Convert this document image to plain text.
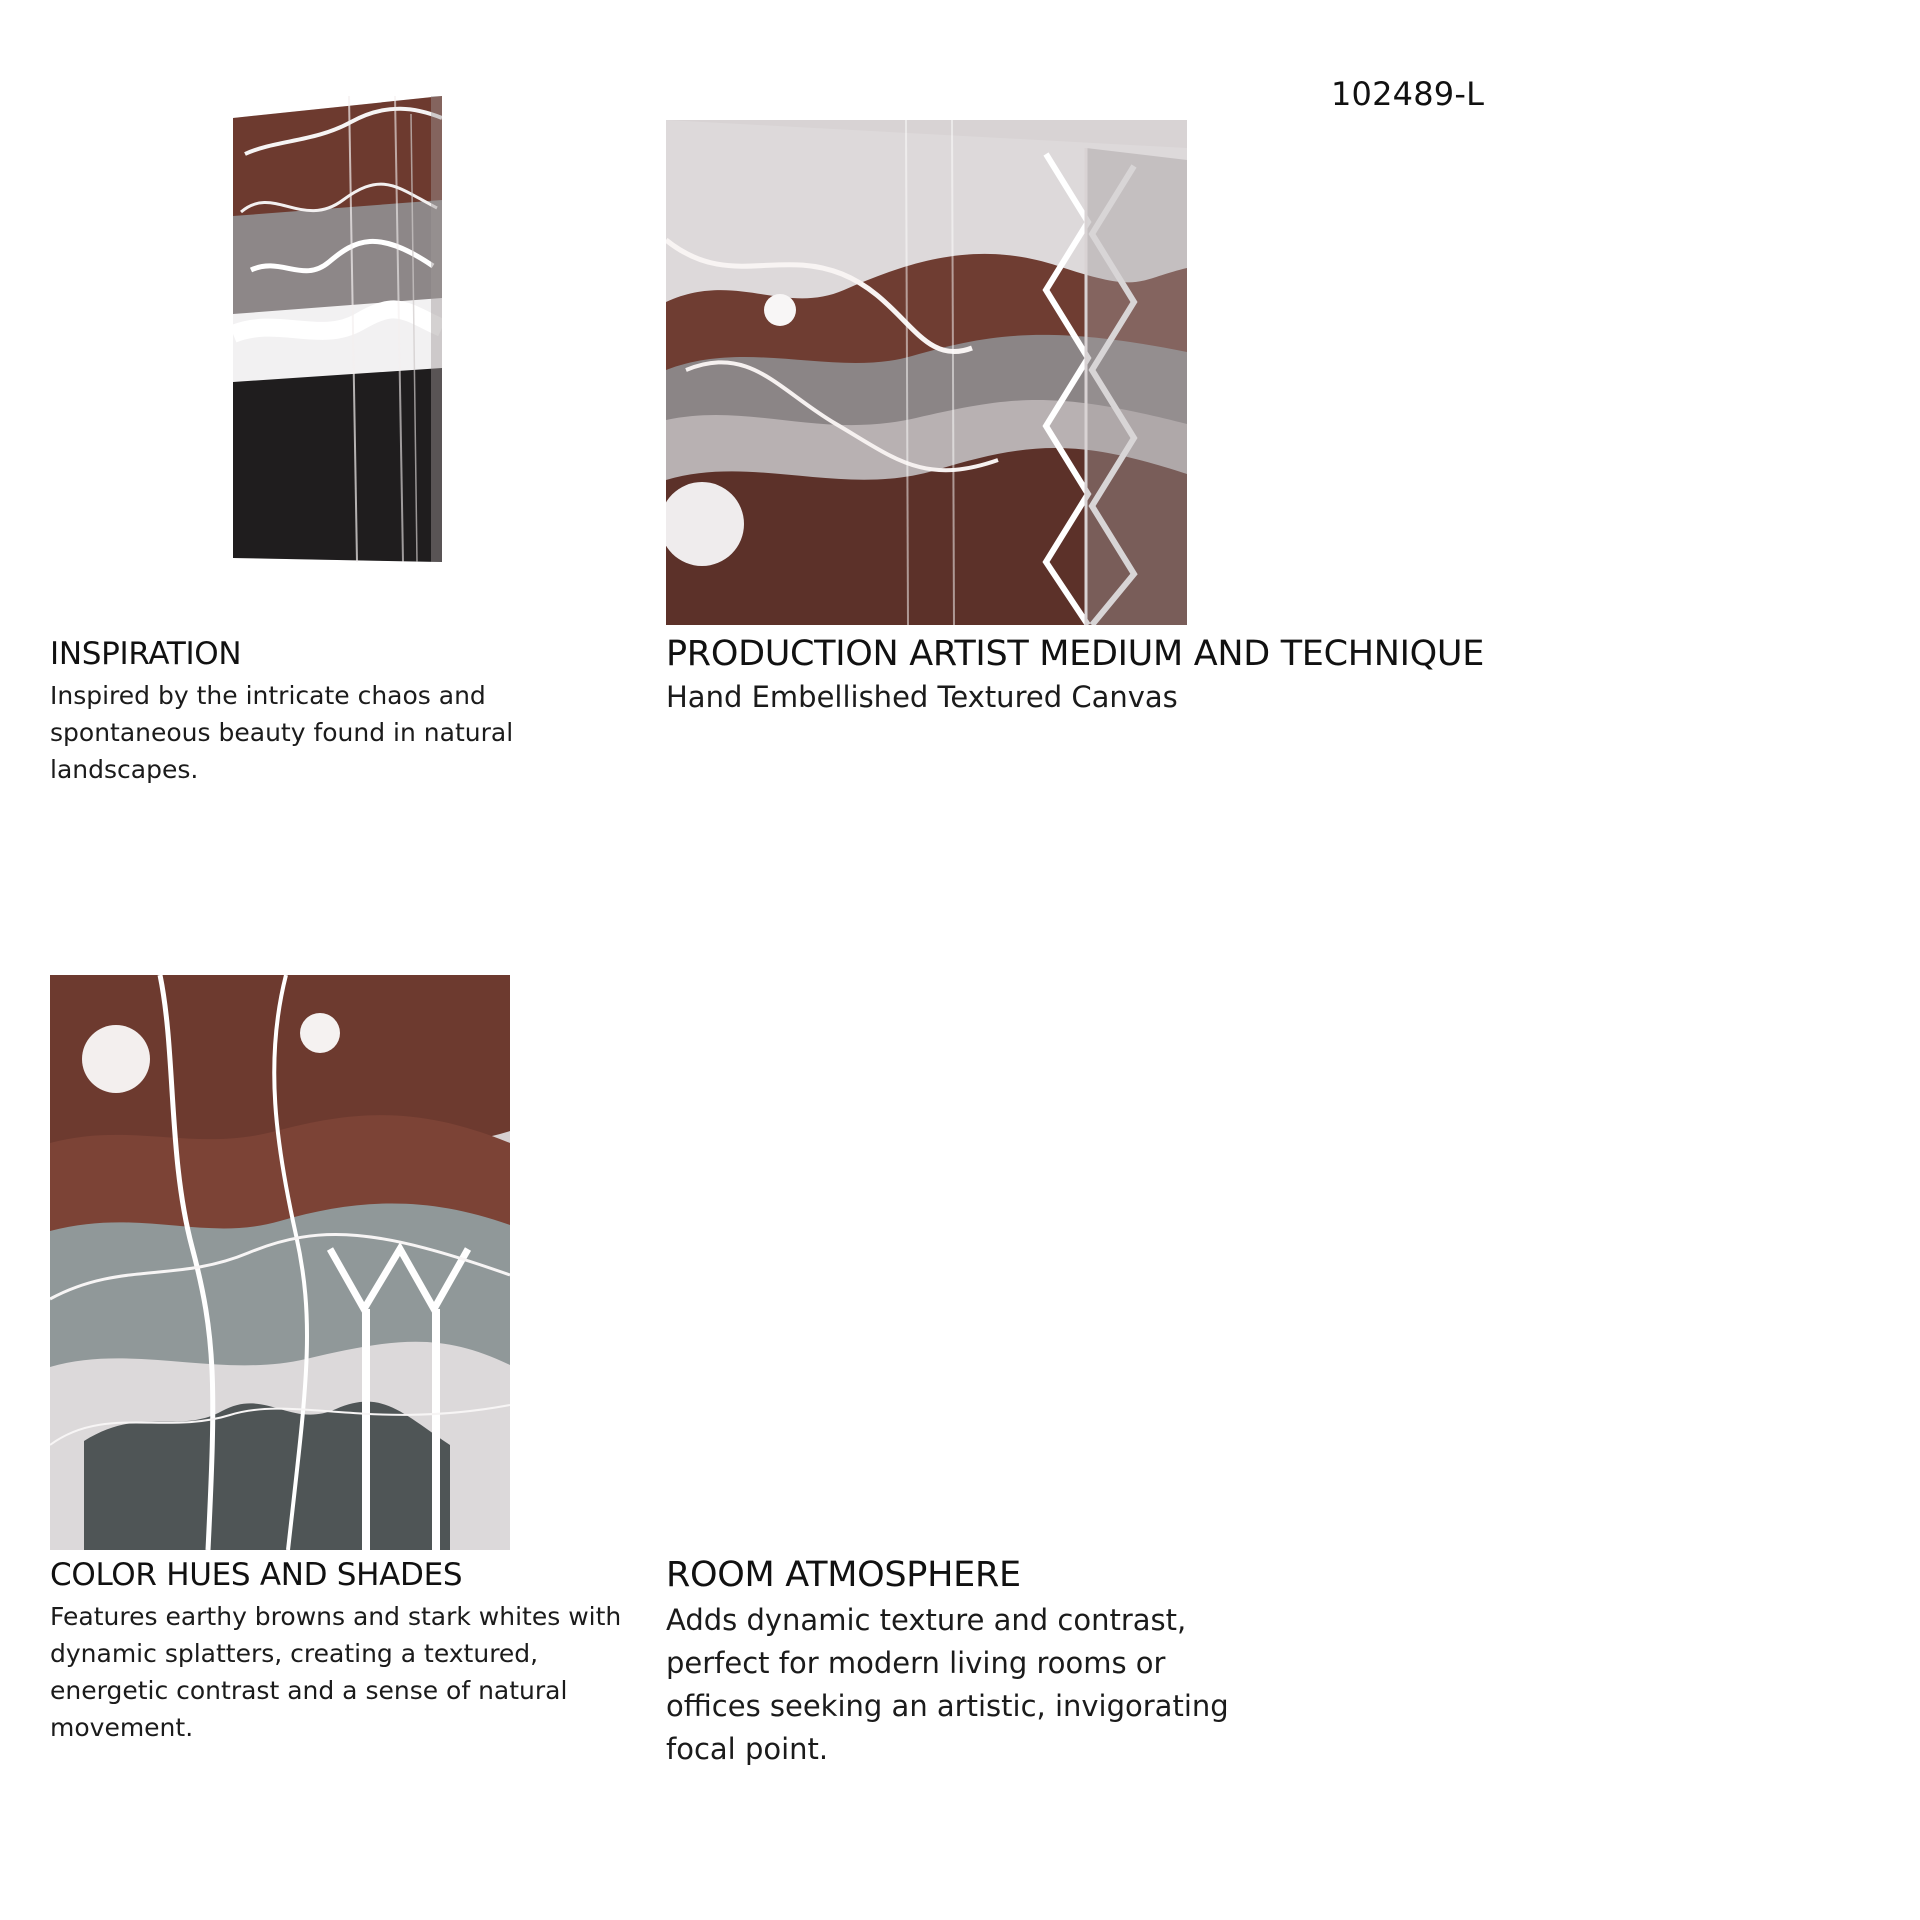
102489-L
INSPIRATION

Inspired by the intricate chaos and spontaneous beauty found in natural landscapes.

PRODUCTION ARTIST MEDIUM AND TECHNIQUE

Hand Embellished Textured Canvas

COLOR HUES AND SHADES

Features earthy browns and stark whites with dynamic splatters, creating a textured, energetic contrast and a sense of natural movement.

ROOM ATMOSPHERE

Adds dynamic texture and contrast, perfect for modern living rooms or offices seeking an artistic, invigorating focal point.
